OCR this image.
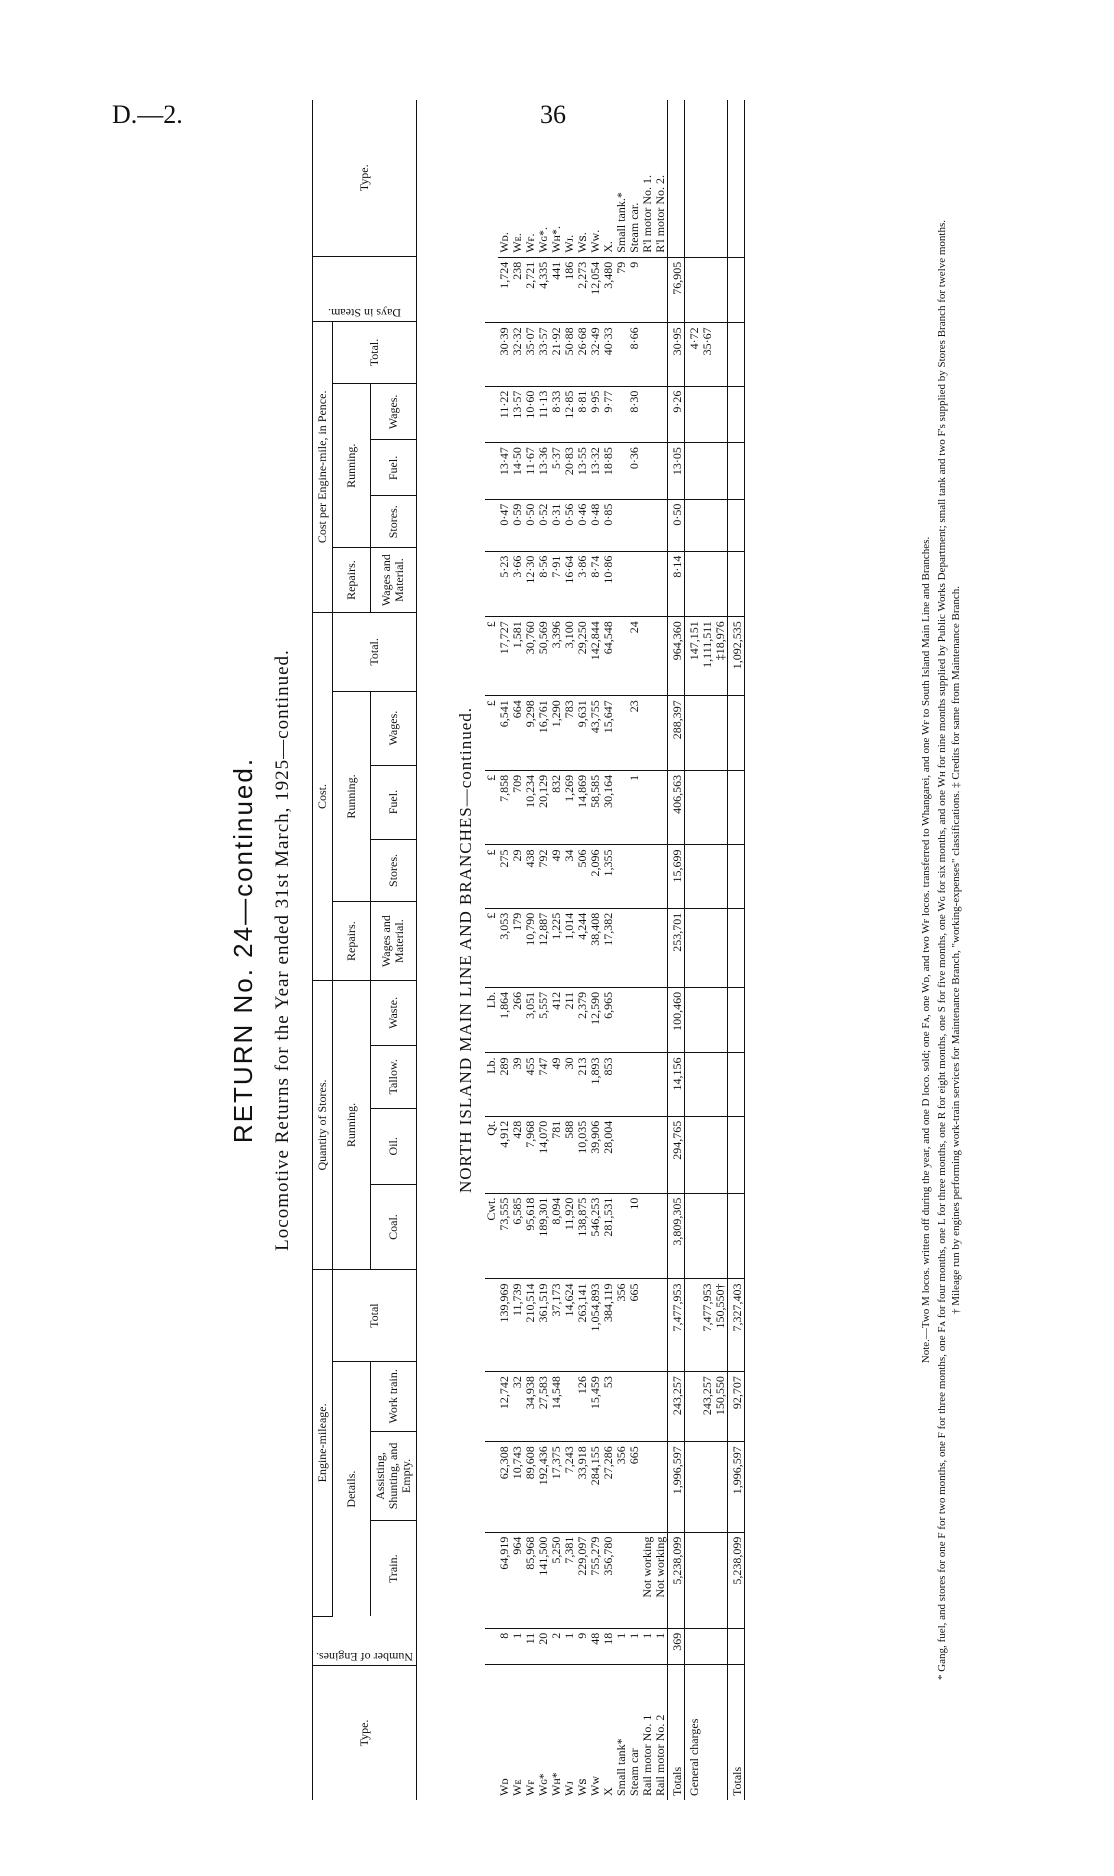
D.—2.	36
RETURN No. 24—continued. Locomotive Returns for the Year ended 31st March, 1925—continued.
Type.	Number of Engines.	Engine-mileage.				Quantity of Stores.				Cost.					Cost per Engine-mile, in Pence.					Days in Steam.	Type.
		Details.			Total	Running.				Repairs.	Running.			Total.	Repairs.	Running.			Total.		
		Train.	Assisting, Shunting, and Empty.	Work train.		Coal.	Oil.	Tallow.	Waste.	Wages and Material.	Stores.	Fuel.	Wages.		Wages and Material.	Stores.	Fuel.	Wages.			
NORTH ISLAND MAIN LINE AND BRANCHES—continued.
						Cwt.	Qt.	Lb.	Lb.	£	£	£	£	£							
Wᴅ	8	64,919	62,308	12,742	139,969	73,555	4,912	289	1,864	3,053	275	7,858	6,541	17,727	5·23	0·47	13·47	11·22	30·39	1,724	Wᴅ.
Wᴇ	1	964	10,743	32	11,739	6,585	428	39	266	179	29	709	664	1,581	3·66	0·59	14·50	13·57	32·32	238	Wᴇ.
Wғ	11	85,968	89,608	34,938	210,514	95,618	7,968	455	3,051	10,790	438	10,234	9,298	30,760	12·30	0·50	11·67	10·60	35·07	2,721	Wғ.
Wɢ*	20	141,500	192,436	27,583	361,519	189,301	14,070	747	5,557	12,887	792	20,129	16,761	50,569	8·56	0·52	13·36	11·13	33·57	4,335	Wɢ*.
Wʜ*	2	5,250	17,375	14,548	37,173	8,094	781	49	412	1,225	49	832	1,290	3,396	7·91	0·31	5·37	8·33	21·92	441	Wʜ*.
Wᴊ	1	7,381	7,243		14,624	11,920	588	30	211	1,014	34	1,269	783	3,100	16·64	0·56	20·83	12·85	50·88	186	Wᴊ.
Wꜱ	9	229,097	33,918	126	263,141	138,875	10,035	213	2,379	4,244	506	14,869	9,631	29,250	3·86	0·46	13·55	8·81	26·68	2,273	Wꜱ.
Wᴡ	48	755,279	284,155	15,459	1,054,893	546,253	39,906	1,893	12,590	38,408	2,096	58,585	43,755	142,844	8·74	0·48	13·32	9·95	32·49	12,054	Wᴡ.
X	18	356,780	27,286	53	384,119	281,531	28,004	853	6,965	17,382	1,355	30,164	15,647	64,548	10·86	0·85	18·85	9·77	40·33	3,480	X.
Small tank*	1		356		356															79	Small tank.*
Steam car	1		665		665	10						1	23	24			0·36	8·30	8·66	9	Steam car.
Rail motor No. 1	1	Not working																			R'l motor No. 1.
Rail motor No. 2	1	Not working																			R'l motor No. 2.
Totals	369	5,238,099	1,996,597	243,257	7,477,953	3,809,305	294,765	14,156	100,460	253,701	15,699	406,563	288,397	964,360	8·14	0·50	13·05	9·26	30·95	76,905	
General charges														147,151					4·72		
				243,257	7,477,953									1,111,511					35·67		
				150,550	150,550†									‡18,976							
Totals		5,238,099	1,996,597	92,707	7,327,403									1,092,535								Note.—Two M locos. written off during the year, and one D loco. sold; one Fᴀ, one Wᴅ, and two Wғ locos. transferred to Whangarei, and one Wғ to South Island Main Line and Branches. * Gang, fuel, and stores for one F for two months, one F for three months, one Fᴀ for four months, one L for three months, one R for eight months, one S for five months, one Wɢ for six months, and one Wʜ for nine months supplied by Public Works Department; small tank and two F's supplied by Stores Branch for twelve months. † Mileage run by engines performing work-train services for Maintenance Branch, "working-expenses" classifications. ‡ Credits for same from Maintenance Branch.
